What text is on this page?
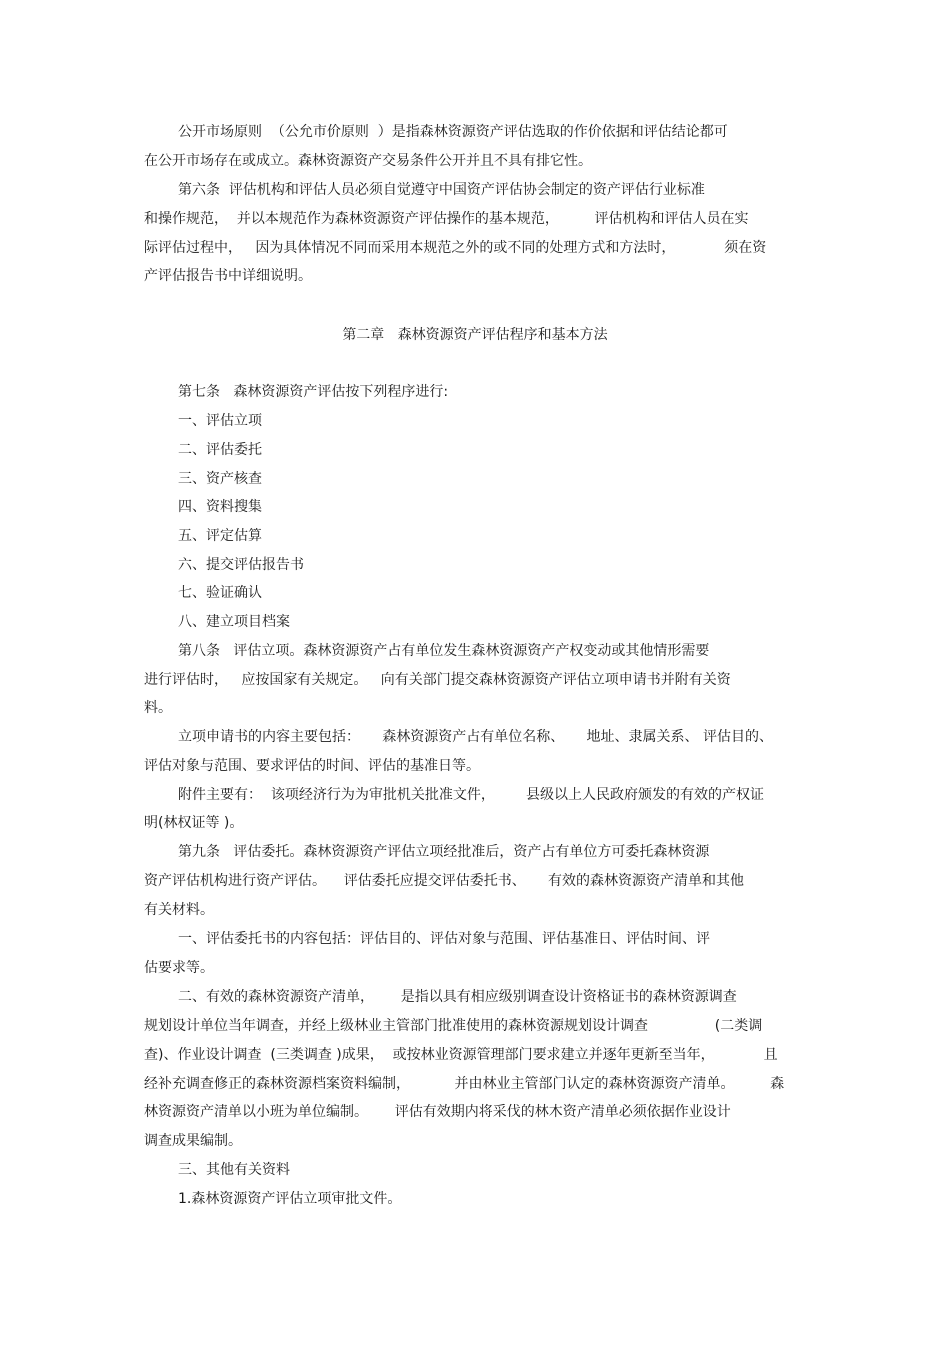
公开市场原则  （公允市价原则  ）是指森林资源资产评估选取的作价依据和评估结论都可

在公开市场存在或成立。森林资源资产交易条件公开并且不具有排它性。

第六条  评估机构和评估人员必须自觉遵守中国资产评估协会制定的资产评估行业标准

和操作规范，  并以本规范作为森林资源资产评估操作的基本规范，        评估机构和评估人员在实

际评估过程中，   因为具体情况不同而采用本规范之外的或不同的处理方式和方法时，           须在资

产评估报告书中详细说明。

第二章   森林资源资产评估程序和基本方法

第七条   森林资源资产评估按下列程序进行:

一、评估立项

二、评估委托

三、资产核查

四、资料搜集

五、评定估算

六、提交评估报告书

七、验证确认

八、建立项目档案

第八条   评估立项。森林资源资产占有单位发生森林资源资产产权变动或其他情形需要

进行评估时，   应按国家有关规定。   向有关部门提交森林资源资产评估立项申请书并附有关资

料。

立项申请书的内容主要包括：     森林资源资产占有单位名称、     地址、隶属关系、 评估目的、

评估对象与范围、要求评估的时间、评估的基准日等。

附件主要有：  该项经济行为为审批机关批准文件，       县级以上人民政府颁发的有效的产权证

明(林权证等 )。

第九条   评估委托。森林资源资产评估立项经批准后，资产占有单位方可委托森林资源

资产评估机构进行资产评估。    评估委托应提交评估委托书、     有效的森林资源资产清单和其他

有关材料。

一、评估委托书的内容包括：评估目的、评估对象与范围、评估基准日、评估时间、评

估要求等。

二、有效的森林资源资产清单，      是指以具有相应级别调查设计资格证书的森林资源调查

规划设计单位当年调查，并经上级林业主管部门批准使用的森林资源规划设计调查               (二类调

查)、作业设计调查  (三类调查 )成果，  或按林业资源管理部门要求建立并逐年更新至当年，           且

经补充调查修正的森林资源档案资料编制，          并由林业主管部门认定的森林资源资产清单。        森

林资源资产清单以小班为单位编制。      评估有效期内将采伐的林木资产清单必须依据作业设计

调查成果编制。

三、其他有关资料

1.森林资源资产评估立项审批文件。
